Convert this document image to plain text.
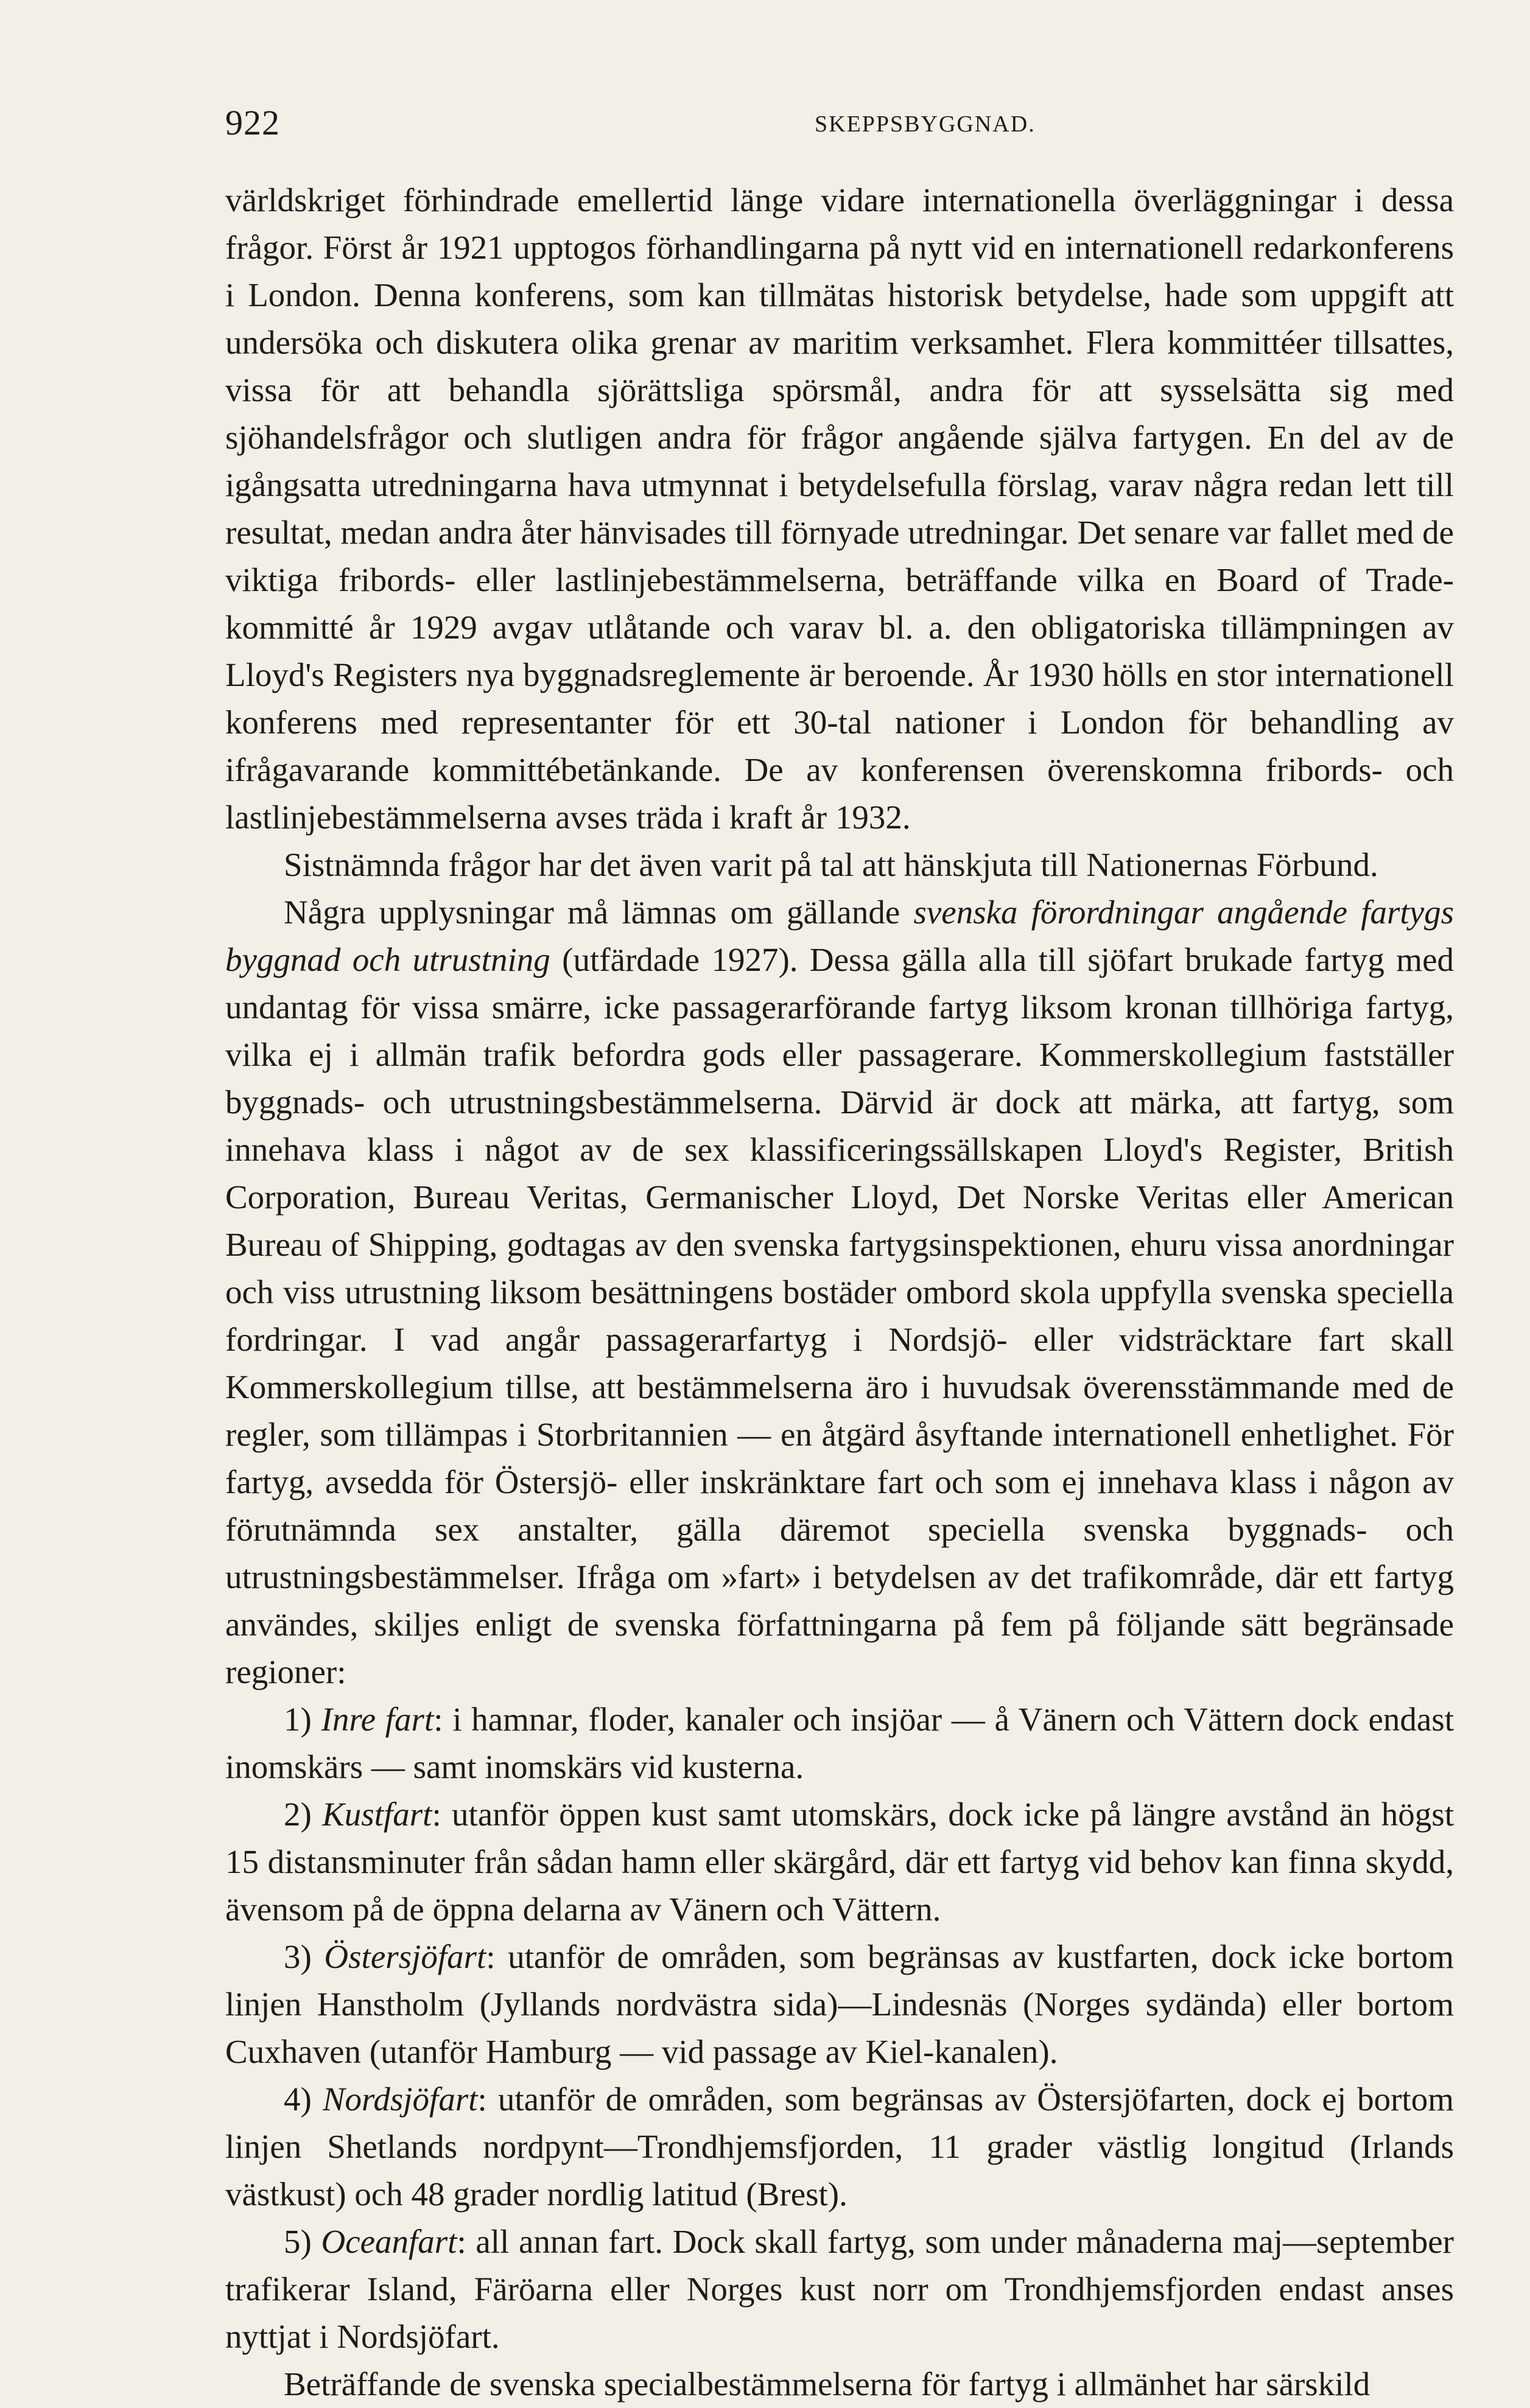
922	SKEPPSBYGGNAD.

världskriget förhindrade emellertid länge vidare internationella överläggningar i dessa frågor. Först år 1921 upptogos förhandlingarna på nytt vid en internationell redarkonferens i London. Denna konferens, som kan tillmätas historisk betydelse, hade som uppgift att undersöka och diskutera olika grenar av maritim verksamhet. Flera kommittéer tillsattes, vissa för att behandla sjörättsliga spörsmål, andra för att sysselsätta sig med sjöhandelsfrågor och slutligen andra för frågor angående själva fartygen. En del av de igångsatta utredningarna hava utmynnat i betydelsefulla förslag, varav några redan lett till resultat, medan andra åter hänvisades till förnyade utredningar. Det senare var fallet med de viktiga fribords- eller lastlinjebestämmelserna, beträffande vilka en Board of Trade-kommitté år 1929 avgav utlåtande och varav bl. a. den obligatoriska tillämpningen av Lloyd's Registers nya byggnadsreglemente är beroende. År 1930 hölls en stor internationell konferens med representanter för ett 30-tal nationer i London för behandling av ifrågavarande kommittébetänkande. De av konferensen överenskomna fribords- och lastlinjebestämmelserna avses träda i kraft år 1932.

Sistnämnda frågor har det även varit på tal att hänskjuta till Nationernas Förbund.

Några upplysningar må lämnas om gällande svenska förordningar angående fartygs byggnad och utrustning (utfärdade 1927). Dessa gälla alla till sjöfart brukade fartyg med undantag för vissa smärre, icke passagerarförande fartyg liksom kronan tillhöriga fartyg, vilka ej i allmän trafik befordra gods eller passagerare. Kommerskollegium fastställer byggnads- och utrustningsbestämmelserna. Därvid är dock att märka, att fartyg, som innehava klass i något av de sex klassificeringssällskapen Lloyd's Register, British Corporation, Bureau Veritas, Germanischer Lloyd, Det Norske Veritas eller American Bureau of Shipping, godtagas av den svenska fartygsinspektionen, ehuru vissa anordningar och viss utrustning liksom besättningens bostäder ombord skola uppfylla svenska speciella fordringar. I vad angår passagerarfartyg i Nordsjö- eller vidsträcktare fart skall Kommerskollegium tillse, att bestämmelserna äro i huvudsak överensstämmande med de regler, som tillämpas i Storbritannien — en åtgärd åsyftande internationell enhetlighet. För fartyg, avsedda för Östersjö- eller inskränktare fart och som ej innehava klass i någon av förutnämnda sex anstalter, gälla däremot speciella svenska byggnads- och utrustningsbestämmelser. Ifråga om »fart» i betydelsen av det trafikområde, där ett fartyg användes, skiljes enligt de svenska författningarna på fem på följande sätt begränsade regioner:

1) Inre fart: i hamnar, floder, kanaler och insjöar — å Vänern och Vättern dock endast inomskärs — samt inomskärs vid kusterna.

2) Kustfart: utanför öppen kust samt utomskärs, dock icke på längre avstånd än högst 15 distansminuter från sådan hamn eller skärgård, där ett fartyg vid behov kan finna skydd, ävensom på de öppna delarna av Vänern och Vättern.

3) Östersjöfart: utanför de områden, som begränsas av kustfarten, dock icke bortom linjen Hanstholm (Jyllands nordvästra sida)—Lindesnäs (Norges sydända) eller bortom Cuxhaven (utanför Hamburg — vid passage av Kiel-kanalen).

4) Nordsjöfart: utanför de områden, som begränsas av Östersjöfarten, dock ej bortom linjen Shetlands nordpynt—Trondhjemsfjorden, 11 grader västlig longitud (Irlands västkust) och 48 grader nordlig latitud (Brest).

5) Oceanfart: all annan fart. Dock skall fartyg, som under månaderna maj—september trafikerar Island, Färöarna eller Norges kust norr om Trondhjemsfjorden endast anses nyttjat i Nordsjöfart.

Beträffande de svenska specialbestämmelserna för fartyg i allmänhet har särskild
